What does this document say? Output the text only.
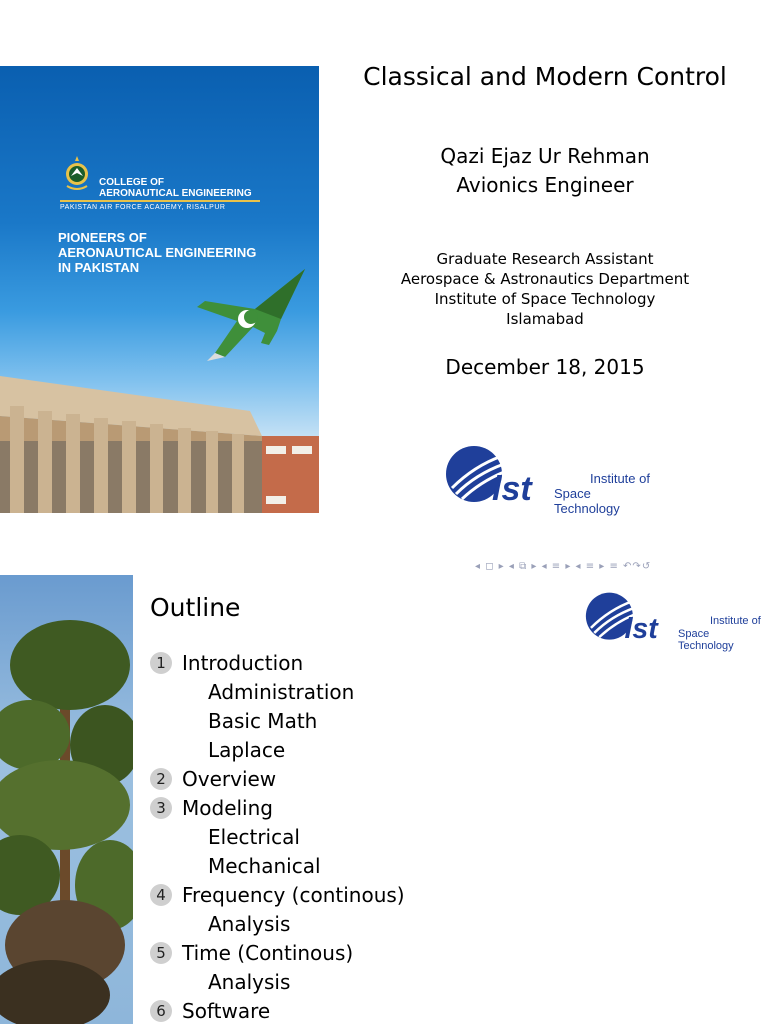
COLLEGE OF
AERONAUTICAL ENGINEERING
PAKISTAN AIR FORCE ACADEMY, RISALPUR
PIONEERS OF
AERONAUTICAL ENGINEERING
IN PAKISTAN
Classical and Modern Control
Qazi Ejaz Ur Rehman
Avionics Engineer
Graduate Research Assistant
Aerospace & Astronautics Department
Institute of Space Technology
Islamabad
December 18, 2015
ist	Institute of
Space Technology
◂ ◻ ▸ ◂ ⧉ ▸ ◂ ≡ ▸ ◂ ≡ ▸ ≡ ↶↷↺
Outline
ist	Institute of
Space Technology
1 Introduction
Administration
Basic Math
Laplace
2 Overview
3 Modeling
Electrical
Mechanical
4 Frequency (continous)
Analysis
5 Time (Continous)
Analysis
6 Software
